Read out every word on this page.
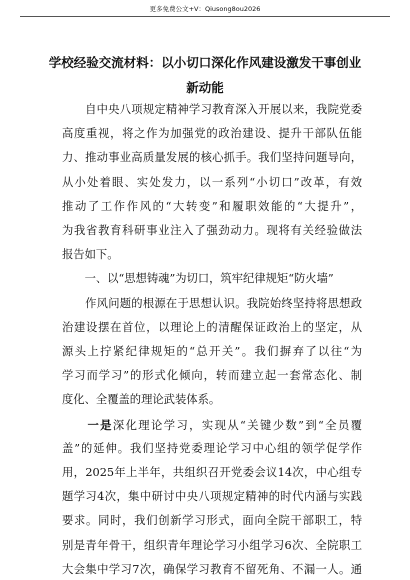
更多免费公文+V：Qiusong8ou2026
学校经验交流材料：以小切口深化作风建设激发干事创业
新动能

　　自中央八项规定精神学习教育深入开展以来，我院党委

高度重视，将之作为加强党的政治建设、提升干部队伍能

力、推动事业高质量发展的核心抓手。我们坚持问题导向，

从小处着眼、实处发力，以一系列“小切口”改革，有效

推动了工作作风的“大转变”和履职效能的“大提升”，

为我省教育科研事业注入了强劲动力。现将有关经验做法

报告如下。

　　一、以“思想铸魂”为切口，筑牢纪律规矩“防火墙”

　　作风问题的根源在于思想认识。我院始终坚持将思想政

治建设摆在首位，以理论上的清醒保证政治上的坚定，从

源头上拧紧纪律规矩的“总开关”。我们摒弃了以往“为

学习而学习”的形式化倾向，转而建立起一套常态化、制

度化、全覆盖的理论武装体系。

　　一是深化理论学习，实现从“关键少数”到“全员覆

盖”的延伸。我们坚持党委理论学习中心组的领学促学作

用，2025年上半年，共组织召开党委会议14次，中心组专

题学习4次，集中研讨中央八项规定精神的时代内涵与实践

要求。同时，我们创新学习形式，面向全院干部职工，特

别是青年骨干，组织青年理论学习小组学习6次、全院职工

大会集中学习7次，确保学习教育不留死角、不漏一人。通
